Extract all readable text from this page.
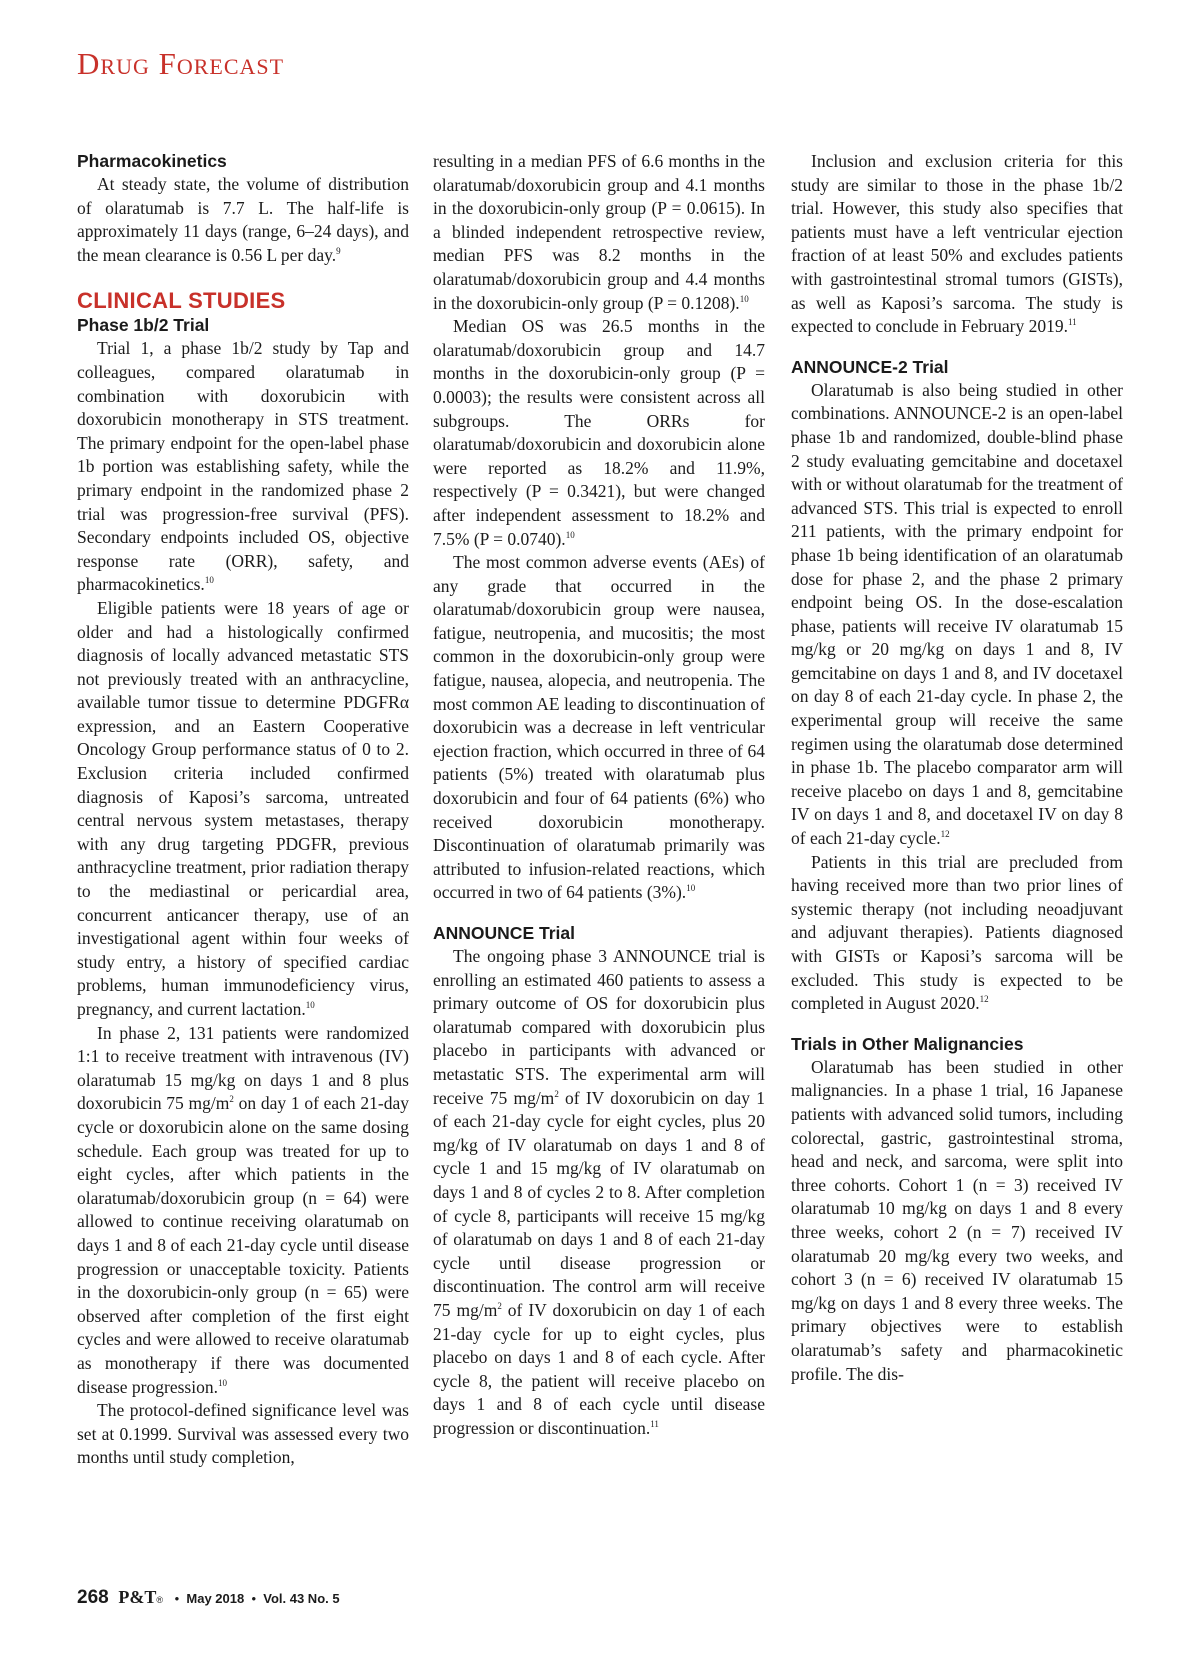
Drug Forecast
Pharmacokinetics

At steady state, the volume of distribution of olaratumab is 7.7 L. The half-life is approximately 11 days (range, 6–24 days), and the mean clearance is 0.56 L per day.$^9$

CLINICAL STUDIES
Phase 1b/2 Trial

Trial 1, a phase 1b/2 study by Tap and colleagues, compared olaratumab in combination with doxorubicin with doxorubicin monotherapy in STS treatment. The primary endpoint for the open-label phase 1b portion was establishing safety, while the primary endpoint in the randomized phase 2 trial was progression-free survival (PFS). Secondary endpoints included OS, objective response rate (ORR), safety, and pharmacokinetics.$^{10}$

Eligible patients were 18 years of age or older and had a histologically confirmed diagnosis of locally advanced metastatic STS not previously treated with an anthracycline, available tumor tissue to determine PDGFRα expression, and an Eastern Cooperative Oncology Group performance status of 0 to 2. Exclusion criteria included confirmed diagnosis of Kaposi’s sarcoma, untreated central nervous system metastases, therapy with any drug targeting PDGFR, previous anthracycline treatment, prior radiation therapy to the mediastinal or pericardial area, concurrent anticancer therapy, use of an investigational agent within four weeks of study entry, a history of specified cardiac problems, human immunodeficiency virus, pregnancy, and current lactation.$^{10}$

In phase 2, 131 patients were randomized 1:1 to receive treatment with intravenous (IV) olaratumab 15 mg/kg on days 1 and 8 plus doxorubicin 75 $mg/m^2$ on day 1 of each 21-day cycle or doxorubicin alone on the same dosing schedule. Each group was treated for up to eight cycles, after which patients in the olaratumab/doxorubicin group (n = 64) were allowed to continue receiving olaratumab on days 1 and 8 of each 21-day cycle until disease progression or unacceptable toxicity. Patients in the doxorubicin-only group (n = 65) were observed after completion of the first eight cycles and were allowed to receive olaratumab as monotherapy if there was documented disease progression.$^{10}$

The protocol-defined significance level was set at 0.1999. Survival was assessed every two months until study completion,

resulting in a median PFS of 6.6 months in the olaratumab/doxorubicin group and 4.1 months in the doxorubicin-only group (P = 0.0615). In a blinded independent retrospective review, median PFS was 8.2 months in the olaratumab/doxorubicin group and 4.4 months in the doxorubicin-only group (P = 0.1208).$^{10}$

Median OS was 26.5 months in the olaratumab/doxorubicin group and 14.7 months in the doxorubicin-only group (P = 0.0003); the results were consistent across all subgroups. The ORRs for olaratumab/doxorubicin and doxorubicin alone were reported as 18.2% and 11.9%, respectively (P = 0.3421), but were changed after independent assessment to 18.2% and 7.5% (P = 0.0740).$^{10}$

The most common adverse events (AEs) of any grade that occurred in the olaratumab/doxorubicin group were nausea, fatigue, neutropenia, and mucositis; the most common in the doxorubicin-only group were fatigue, nausea, alopecia, and neutropenia. The most common AE leading to discontinuation of doxorubicin was a decrease in left ventricular ejection fraction, which occurred in three of 64 patients (5%) treated with olaratumab plus doxorubicin and four of 64 patients (6%) who received doxorubicin monotherapy. Discontinuation of olaratumab primarily was attributed to infusion-related reactions, which occurred in two of 64 patients (3%).$^{10}$

ANNOUNCE Trial

The ongoing phase 3 ANNOUNCE trial is enrolling an estimated 460 patients to assess a primary outcome of OS for doxorubicin plus olaratumab compared with doxorubicin plus placebo in participants with advanced or metastatic STS. The experimental arm will receive 75 $mg/m^2$ of IV doxorubicin on day 1 of each 21-day cycle for eight cycles, plus 20 mg/kg of IV olaratumab on days 1 and 8 of cycle 1 and 15 mg/kg of IV olaratumab on days 1 and 8 of cycles 2 to 8. After completion of cycle 8, participants will receive 15 mg/kg of olaratumab on days 1 and 8 of each 21-day cycle until disease progression or discontinuation. The control arm will receive 75 $mg/m^2$ of IV doxorubicin on day 1 of each 21-day cycle for up to eight cycles, plus placebo on days 1 and 8 of each cycle. After cycle 8, the patient will receive placebo on days 1 and 8 of each cycle until disease progression or discontinuation.$^{11}$

Inclusion and exclusion criteria for this study are similar to those in the phase 1b/2 trial. However, this study also specifies that patients must have a left ventricular ejection fraction of at least 50% and excludes patients with gastrointestinal stromal tumors (GISTs), as well as Kaposi’s sarcoma. The study is expected to conclude in February 2019.11

ANNOUNCE-2 Trial

Olaratumab is also being studied in other combinations. ANNOUNCE-2 is an open-label phase 1b and randomized, double-blind phase 2 study evaluating gemcitabine and docetaxel with or without olaratumab for the treatment of advanced STS. This trial is expected to enroll 211 patients, with the primary endpoint for phase 1b being identification of an olaratumab dose for phase 2, and the phase 2 primary endpoint being OS. In the dose-escalation phase, patients will receive IV olaratumab 15 mg/kg or 20 mg/kg on days 1 and 8, IV gemcitabine on days 1 and 8, and IV docetaxel on day 8 of each 21-day cycle. In phase 2, the experimental group will receive the same regimen using the olaratumab dose determined in phase 1b. The placebo comparator arm will receive placebo on days 1 and 8, gemcitabine IV on days 1 and 8, and docetaxel IV on day 8 of each 21-day cycle.$^{12}$

Patients in this trial are precluded from having received more than two prior lines of systemic therapy (not including neoadjuvant and adjuvant therapies). Patients diagnosed with GISTs or Kaposi’s sarcoma will be excluded. This study is expected to be completed in August 2020.12

Trials in Other Malignancies

Olaratumab has been studied in other malignancies. In a phase 1 trial, 16 Japanese patients with advanced solid tumors, including colorectal, gastric, gastrointestinal stroma, head and neck, and sarcoma, were split into three cohorts. Cohort 1 (n = 3) received IV olaratumab 10 mg/kg on days 1 and 8 every three weeks, cohort 2 (n = 7) received IV olaratumab 20 mg/kg every two weeks, and cohort 3 (n = 6) received IV olaratumab 15 mg/kg on days 1 and 8 every three weeks. The primary objectives were to establish olaratumab’s safety and pharmacokinetic profile. The dis-

268 P&T® • May 2018 • Vol. 43 No. 5
